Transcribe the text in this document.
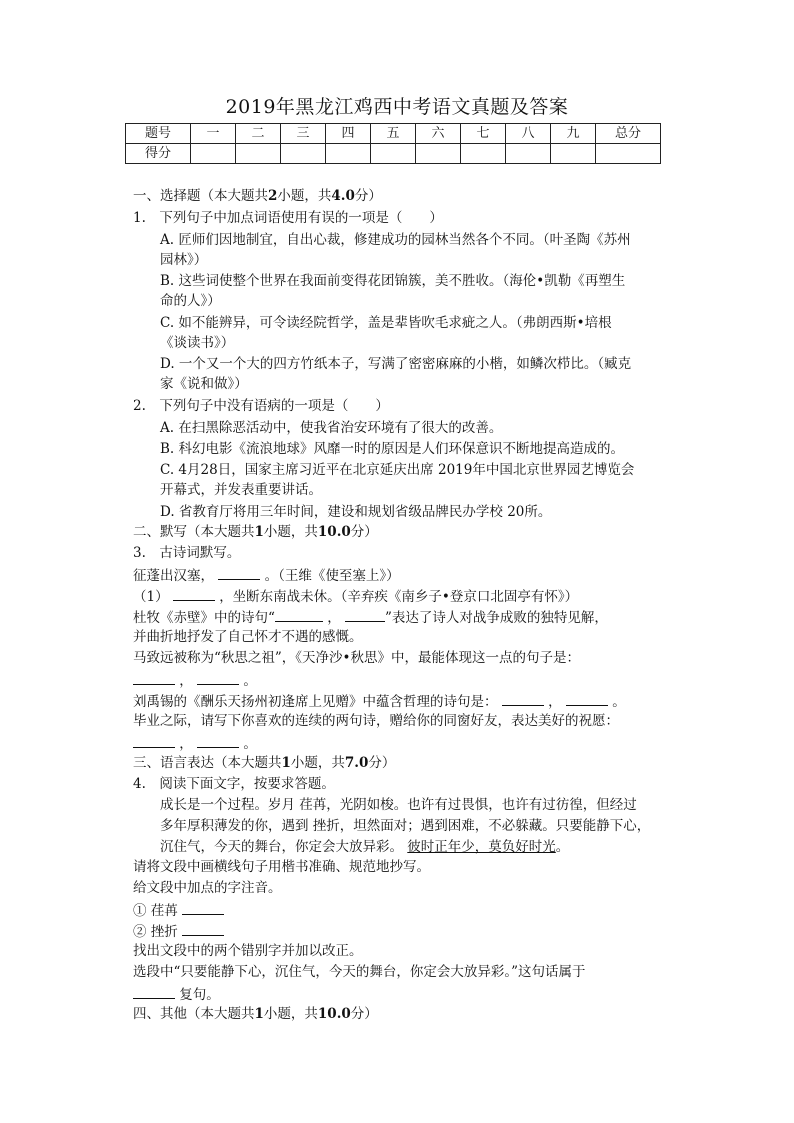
2019年黑龙江鸡西中考语文真题及答案
题号	一	二	三	四	五	六	七	八	九	总分
得分										
一、选择题（本大题共2小题，共4.0分）
1.　下列句子中加点词语使用有误的一项是（　　）
A. 匠师们因地制宜，自出心裁，修建成功的园林当然各个不同。（叶圣陶《苏州
园林》）
B. 这些词使整个世界在我面前变得花团锦簇，美不胜收。（海伦•凯勒《再塑生
命的人》）
C. 如不能辨异，可令读经院哲学，盖是辈皆吹毛求疵之人。（弗朗西斯•培根
《谈读书》）
D. 一个又一个大的四方竹纸本子，写满了密密麻麻的小楷，如鳞次栉比。（臧克
家《说和做》）
2.　下列句子中没有语病的一项是（　　）
A. 在扫黑除恶活动中，使我省治安环境有了很大的改善。
B. 科幻电影《流浪地球》风靡一时的原因是人们环保意识不断地提高造成的。
C. 4月28日，国家主席习近平在北京延庆出席 2019年中国北京世界园艺博览会
开幕式，并发表重要讲话。
D. 省教育厅将用三年时间，建设和规划省级品牌民办学校 20所。
二、默写（本大题共1小题，共10.0分）
3.　古诗词默写。
征蓬出汉塞，	。（王维《使至塞上》）
（1）	，坐断东南战未休。（辛弃疾《南乡子•登京口北固亭有怀》）
杜牧《赤壁》中的诗句“	，	”表达了诗人对战争成败的独特见解，
并曲折地抒发了自己怀才不遇的感慨。
马致远被称为“秋思之祖”，《天净沙•秋思》中，最能体现这一点的句子是：
，	。
刘禹锡的《酬乐天扬州初逢席上见赠》中蕴含哲理的诗句是：	，	。
毕业之际，请写下你喜欢的连续的两句诗，赠给你的同窗好友，表达美好的祝愿：
，	。
三、语言表达（本大题共1小题，共7.0分）
4.　阅读下面文字，按要求答题。
成长是一个过程。岁月 荏苒，光阴如梭。也许有过畏惧，也许有过彷徨，但经过
多年厚积薄发的你，遇到 挫折，坦然面对；遇到困难，不必躲藏。只要能静下心，
沉住气，今天的舞台，你定会大放异彩。 彼时正年少，莫负好时光。
请将文段中画横线句子用楷书准确、规范地抄写。
给文段中加点的字注音。
① 荏苒
② 挫折
找出文段中的两个错别字并加以改正。
选段中“只要能静下心，沉住气，今天的舞台，你定会大放异彩。”这句话属于
复句。
四、其他（本大题共1小题，共10.0分）
